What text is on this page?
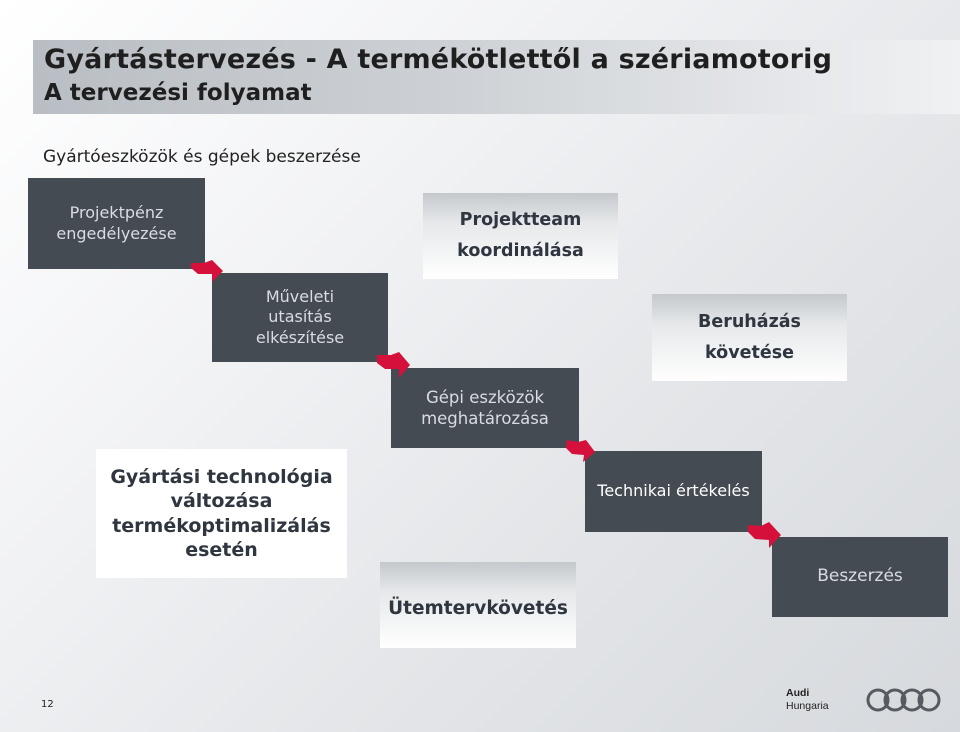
Gyártástervezés - A termékötlettől a szériamotorig
A tervezési folyamat
Gyártóeszközök és gépek beszerzése
Projektpénz engedélyezése
Műveleti utasítás elkészítése
Projektteam koordinálása
Beruházás követése
Gépi eszközök meghatározása
Gyártási technológia változása termékoptimalizálás esetén
Technikai értékelés
Beszerzés
Ütemtervkövetés
12
Audi
Hungaria
